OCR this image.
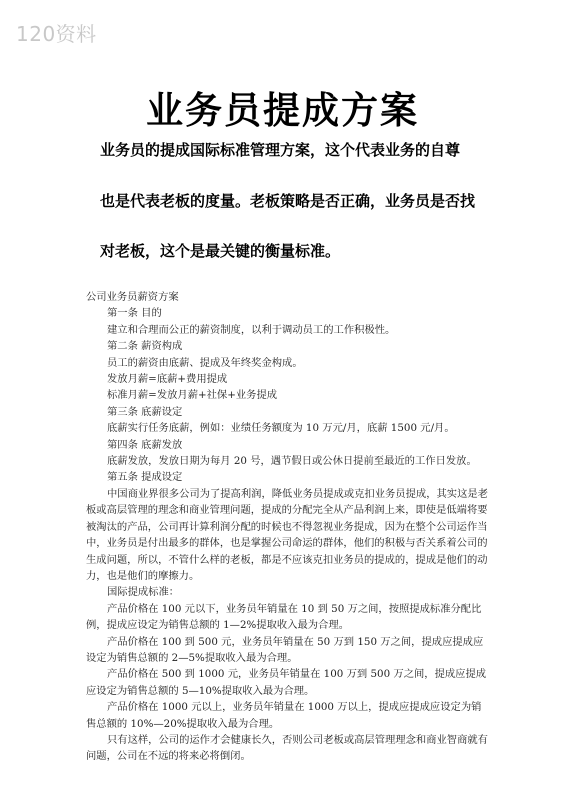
120资料
业务员提成方案
业务员的提成国际标准管理方案，这个代表业务的自尊
也是代表老板的度量。老板策略是否正确，业务员是否找
对老板，这个是最关键的衡量标准。

公司业务员薪资方案

第一条 目的

建立和合理而公正的薪资制度，以利于调动员工的工作积极性。

第二条 薪资构成

员工的薪资由底薪、提成及年终奖金构成。

发放月薪=底薪+费用提成

标准月薪=发放月薪+社保+业务提成

第三条 底薪设定

底薪实行任务底薪，例如：业绩任务额度为 10 万元/月，底薪 1500 元/月。

第四条 底薪发放

底薪发放，发放日期为每月 20 号，遇节假日或公休日提前至最近的工作日发放。

第五条 提成设定

中国商业界很多公司为了提高利润，降低业务员提成或克扣业务员提成，其实这是老板或高层管理的理念和商业管理问题，提成的分配完全从产品利润上来，即使是低端将要被淘汰的产品，公司再计算利润分配的时候也不得忽视业务提成，因为在整个公司运作当中，业务员是付出最多的群体，也是掌握公司命运的群体，他们的积极与否关系着公司的生成问题，所以，不管什么样的老板，都是不应该克扣业务员的提成的，提成是他们的动力，也是他们的摩擦力。

国际提成标准：

产品价格在 100 元以下，业务员年销量在 10 到 50 万之间，按照提成标准分配比例，提成应设定为销售总额的 1—2%提取收入最为合理。

产品价格在 100 到 500 元，业务员年销量在 50 万到 150 万之间，提成应提成应设定为销售总额的 2—5%提取收入最为合理。

产品价格在 500 到 1000 元，业务员年销量在 100 万到 500 万之间，提成应提成应设定为销售总额的 5—10%提取收入最为合理。

产品价格在 1000 元以上，业务员年销量在 1000 万以上，提成应提成应设定为销售总额的 10%—20%提取收入最为合理。

只有这样，公司的运作才会健康长久，否则公司老板或高层管理理念和商业智商就有问题，公司在不远的将来必将倒闭。
